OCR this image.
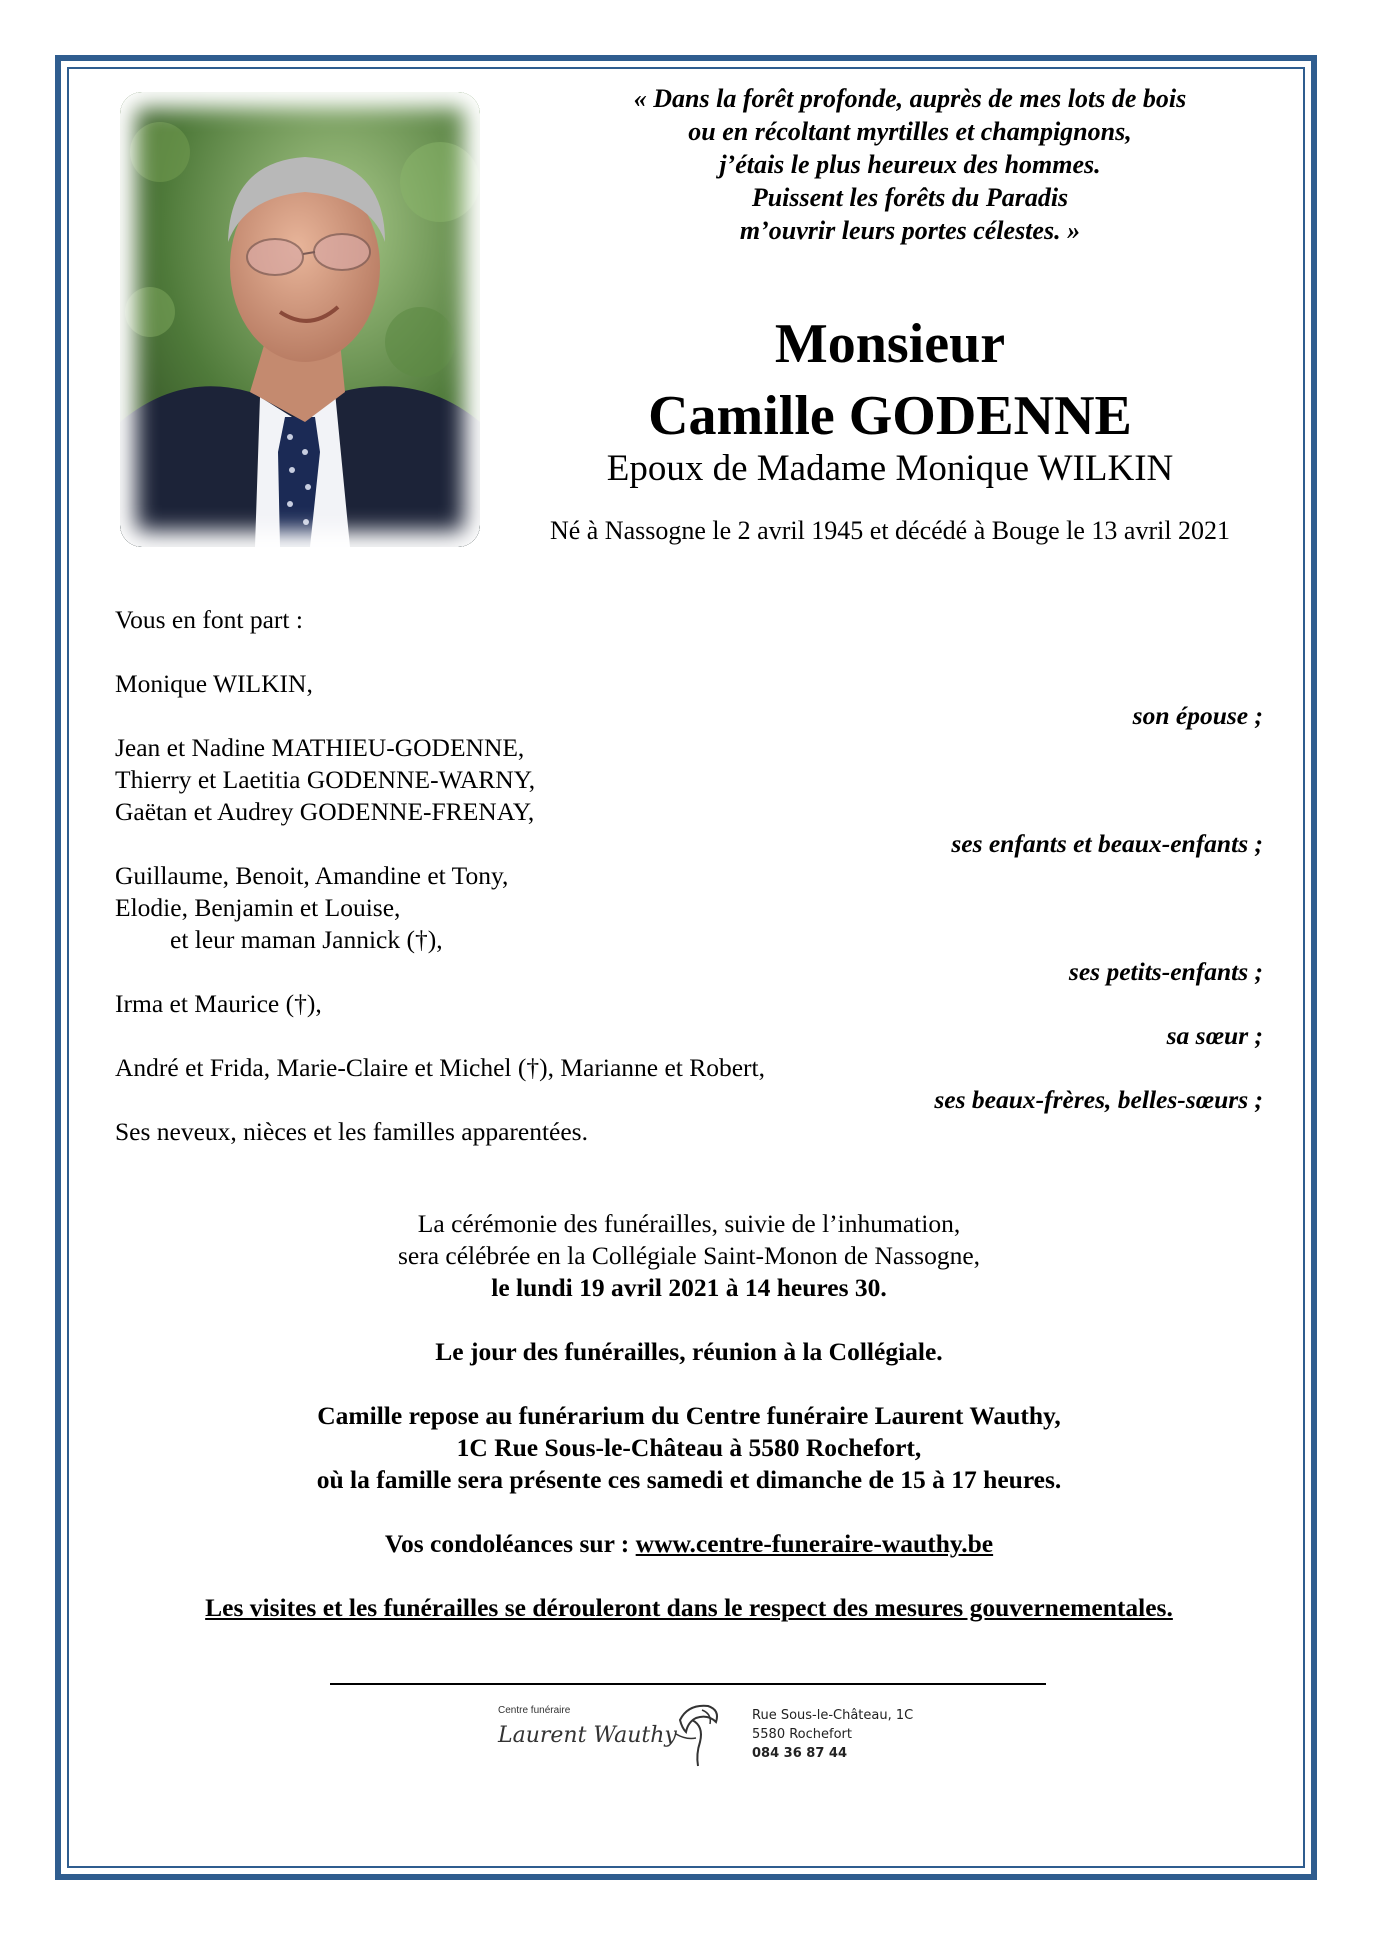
« Dans la forêt profonde, auprès de mes lots de bois
ou en récoltant myrtilles et champignons,
j’étais le plus heureux des hommes.
Puissent les forêts du Paradis
m’ouvrir leurs portes célestes. »
Monsieur
Camille GODENNE
Epoux de Madame Monique WILKIN
Né à Nassogne le 2 avril 1945 et décédé à Bouge le 13 avril 2021
Vous en font part :
Monique WILKIN,
son épouse ;
Jean et Nadine MATHIEU-GODENNE,
Thierry et Laetitia GODENNE-WARNY,
Gaëtan et Audrey GODENNE-FRENAY,
ses enfants et beaux-enfants ;
Guillaume, Benoit, Amandine et Tony,
Elodie, Benjamin et Louise,
et leur maman Jannick (†),
ses petits-enfants ;
Irma et Maurice (†),
sa sœur ;
André et Frida, Marie-Claire et Michel (†), Marianne et Robert,
ses beaux-frères, belles-sœurs ;
Ses neveux, nièces et les familles apparentées.
La cérémonie des funérailles, suivie de l’inhumation,
sera célébrée en la Collégiale Saint-Monon de Nassogne,
le lundi 19 avril 2021 à 14 heures 30.
Le jour des funérailles, réunion à la Collégiale.
Camille repose au funérarium du Centre funéraire Laurent Wauthy,
1C Rue Sous-le-Château à 5580 Rochefort,
où la famille sera présente ces samedi et dimanche de 15 à 17 heures.
Vos condoléances sur : www.centre-funeraire-wauthy.be
Les visites et les funérailles se dérouleront dans le respect des mesures gouvernementales.
Centre funéraire
Laurent Wauthy
Rue Sous-le-Château, 1C
5580 Rochefort
084 36 87 44
